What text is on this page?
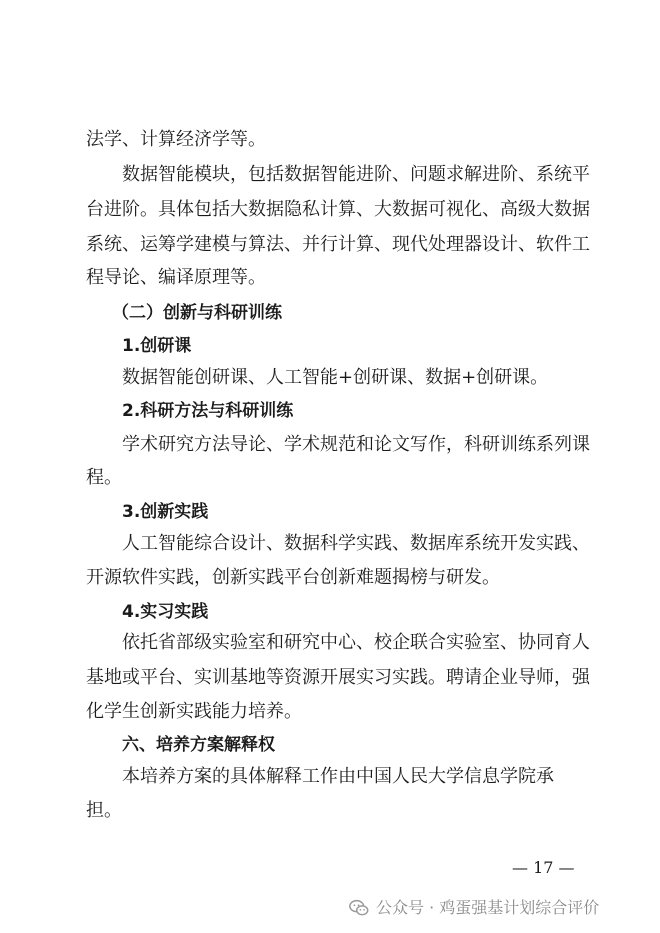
法学、计算经济学等。
数据智能模块，包括数据智能进阶、问题求解进阶、系统平
台进阶。具体包括大数据隐私计算、大数据可视化、高级大数据
系统、运筹学建模与算法、并行计算、现代处理器设计、软件工
程导论、编译原理等。
（二）创新与科研训练
1.创研课
数据智能创研课、人工智能+创研课、数据+创研课。
2.科研方法与科研训练
学术研究方法导论、学术规范和论文写作，科研训练系列课
程。
3.创新实践
人工智能综合设计、数据科学实践、数据库系统开发实践、
开源软件实践，创新实践平台创新难题揭榜与研发。
4.实习实践
依托省部级实验室和研究中心、校企联合实验室、协同育人
基地或平台、实训基地等资源开展实习实践。聘请企业导师，强
化学生创新实践能力培养。
六、培养方案解释权
本培养方案的具体解释工作由中国人民大学信息学院承
担。
— 17 —
公众号 · 鸡蛋强基计划综合评价
